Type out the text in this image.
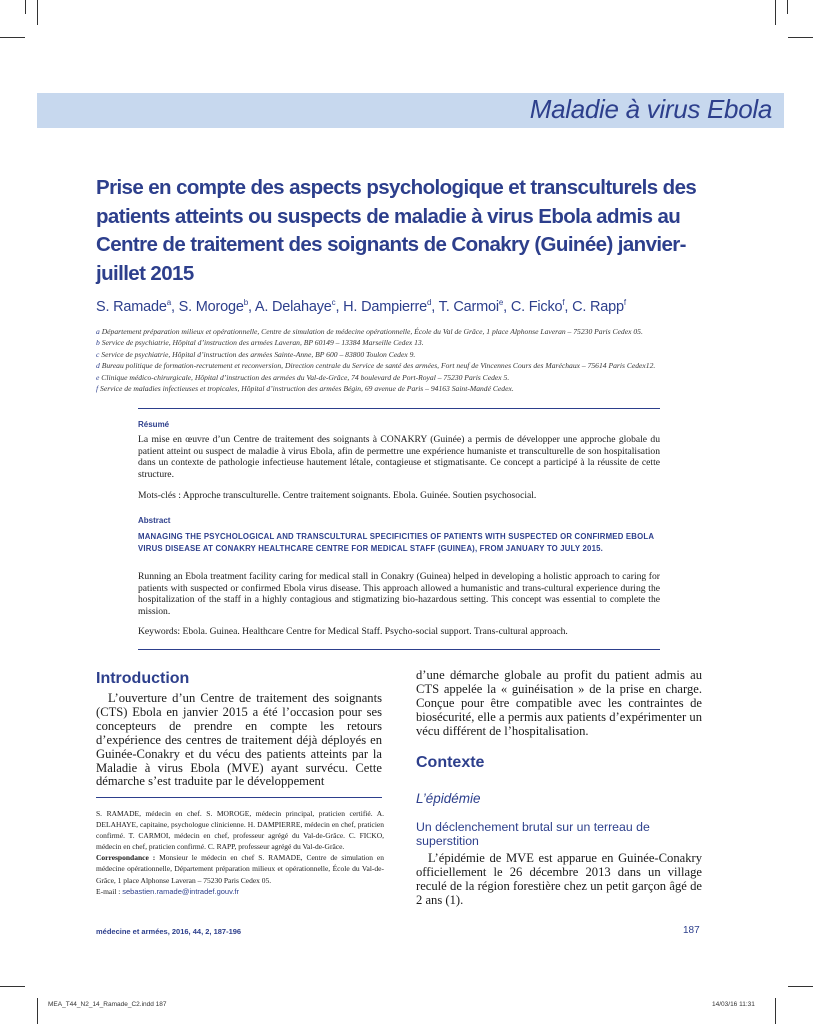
Maladie à virus Ebola
Prise en compte des aspects psychologique et transculturels des patients atteints ou suspects de maladie à virus Ebola admis au Centre de traitement des soignants de Conakry (Guinée) janvier-juillet 2015
S. Ramade$^a$, S. Moroge$^b$, A. Delahaye$^c$, H. Dampierre$^d$, T. Carmoi$^e$, C. Ficko$^f$, C. Rapp$^f$
a Département préparation milieux et opérationnelle, Centre de simulation de médecine opérationnelle, École du Val de Grâce, 1 place Alphonse Laveran – 75230 Paris Cedex 05.
b Service de psychiatrie, Hôpital d’instruction des armées Laveran, BP 60149 – 13384 Marseille Cedex 13.
c Service de psychiatrie, Hôpital d’instruction des armées Sainte-Anne, BP 600 – 83800 Toulon Cedex 9.
d Bureau politique de formation-recrutement et reconversion, Direction centrale du Service de santé des armées, Fort neuf de Vincennes Cours des Maréchaux – 75614 Paris Cedex12.
e Clinique médico-chirurgicale, Hôpital d’instruction des armées du Val-de-Grâce, 74 boulevard de Port-Royal – 75230 Paris Cedex 5.
f Service de maladies infectieuses et tropicales, Hôpital d’instruction des armées Bégin, 69 avenue de Paris – 94163 Saint-Mandé Cedex.
Résumé
La mise en œuvre d’un Centre de traitement des soignants à CONAKRY (Guinée) a permis de développer une approche globale du patient atteint ou suspect de maladie à virus Ebola, afin de permettre une expérience humaniste et transculturelle de son hospitalisation dans un contexte de pathologie infectieuse hautement létale, contagieuse et stigmatisante. Ce concept a participé à la réussite de cette structure.
Mots-clés : Approche transculturelle. Centre traitement soignants. Ebola. Guinée. Soutien psychosocial.
Abstract
MANAGING THE PSYCHOLOGICAL AND TRANSCULTURAL SPECIFICITIES OF PATIENTS WITH SUSPECTED OR CONFIRMED EBOLA VIRUS DISEASE AT CONAKRY HEALTHCARE CENTRE FOR MEDICAL STAFF (GUINEA), FROM JANUARY TO JULY 2015.
Running an Ebola treatment facility caring for medical stall in Conakry (Guinea) helped in developing a holistic approach to caring for patients with suspected or confirmed Ebola virus disease. This approach allowed a humanistic and trans-cultural experience during the hospitalization of the staff in a highly contagious and stigmatizing bio-hazardous setting. This concept was essential to complete the mission.
Keywords: Ebola. Guinea. Healthcare Centre for Medical Staff. Psycho-social support. Trans-cultural approach.
Introduction
L’ouverture d’un Centre de traitement des soignants (CTS) Ebola en janvier 2015 a été l’occasion pour ses concepteurs de prendre en compte les retours d’expérience des centres de traitement déjà déployés en Guinée-Conakry et du vécu des patients atteints par la Maladie à virus Ebola (MVE) ayant survécu. Cette démarche s’est traduite par le développement

S. RAMADE, médecin en chef. S. MOROGE, médecin principal, praticien certifié. A. DELAHAYE, capitaine, psychologue clinicienne. H. DAMPIERRE, médecin en chef, praticien confirmé. T. CARMOI, médecin en chef, professeur agrégé du Val-de-Grâce. C. FICKO, médecin en chef, praticien confirmé. C. RAPP, professeur agrégé du Val-de-Grâce.

Correspondance : Monsieur le médecin en chef S. RAMADE, Centre de simulation en médecine opérationnelle, Département préparation milieux et opérationnelle, École du Val-de-Grâce, 1 place Alphonse Laveran – 75230 Paris Cedex 05.

E-mail : sebastien.ramade@intradef.gouv.fr

d’une démarche globale au profit du patient admis au CTS appelée la « guinéisation » de la prise en charge. Conçue pour être compatible avec les contraintes de biosécurité, elle a permis aux patients d’expérimenter un vécu différent de l’hospitalisation.
Contexte
L’épidémie
Un déclenchement brutal sur un terreau de superstition
L’épidémie de MVE est apparue en Guinée-Conakry officiellement le 26 décembre 2013 dans un village reculé de la région forestière chez un petit garçon âgé de 2 ans (1).
médecine et armées, 2016, 44, 2, 187-196	187
MEA_T44_N2_14_Ramade_C2.indd 187	14/03/16 11:31
